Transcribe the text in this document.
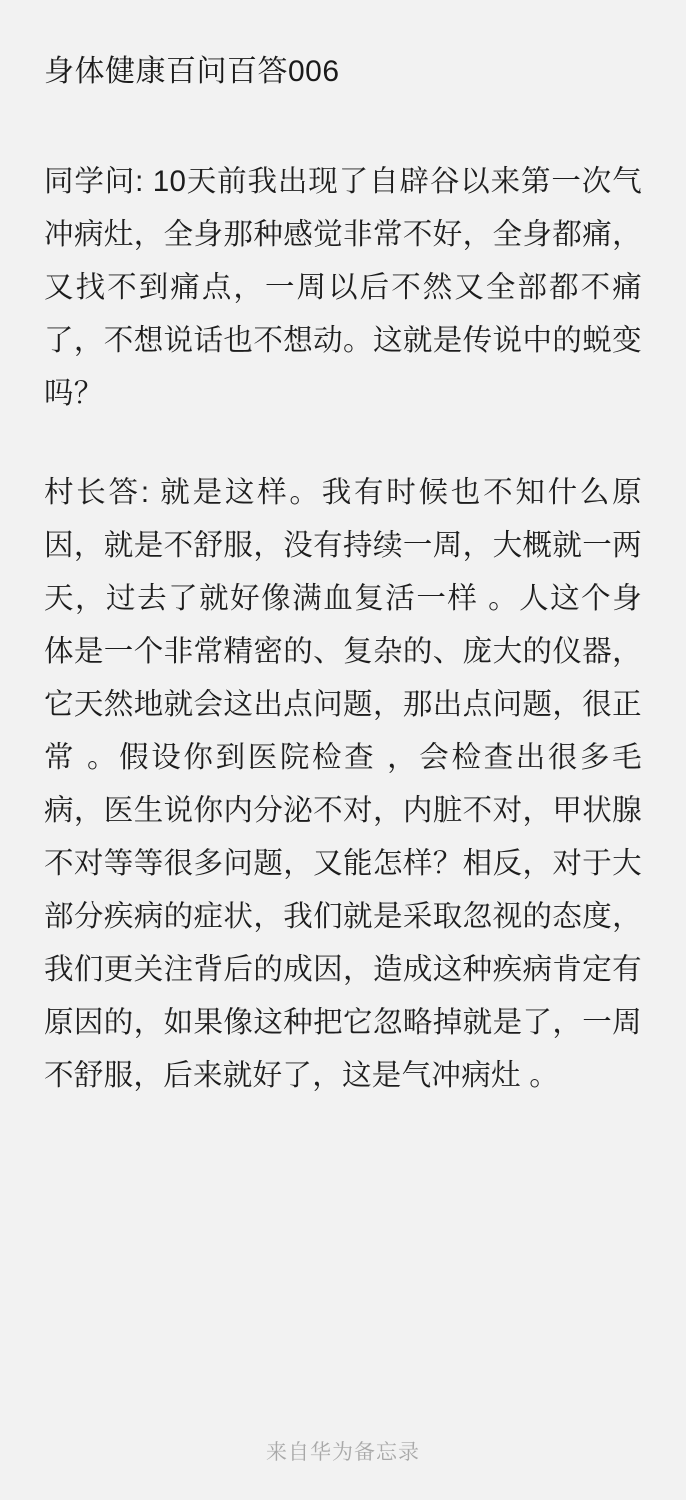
身体健康百问百答006

同学问: 10天前我出现了自辟谷以来第一次气冲病灶，全身那种感觉非常不好，全身都痛，又找不到痛点，一周以后不然又全部都不痛了，不想说话也不想动。这就是传说中的蜕变吗？

村长答: 就是这样。我有时候也不知什么原因，就是不舒服，没有持续一周，大概就一两天，过去了就好像满血复活一样 。人这个身体是一个非常精密的、复杂的、庞大的仪器，它天然地就会这出点问题，那出点问题，很正常 。假设你到医院检查 ，会检查出很多毛病，医生说你内分泌不对，内脏不对，甲状腺不对等等很多问题，又能怎样？相反，对于大部分疾病的症状，我们就是采取忽视的态度，我们更关注背后的成因，造成这种疾病肯定有原因的，如果像这种把它忽略掉就是了，一周不舒服，后来就好了，这是气冲病灶 。

来自华为备忘录
